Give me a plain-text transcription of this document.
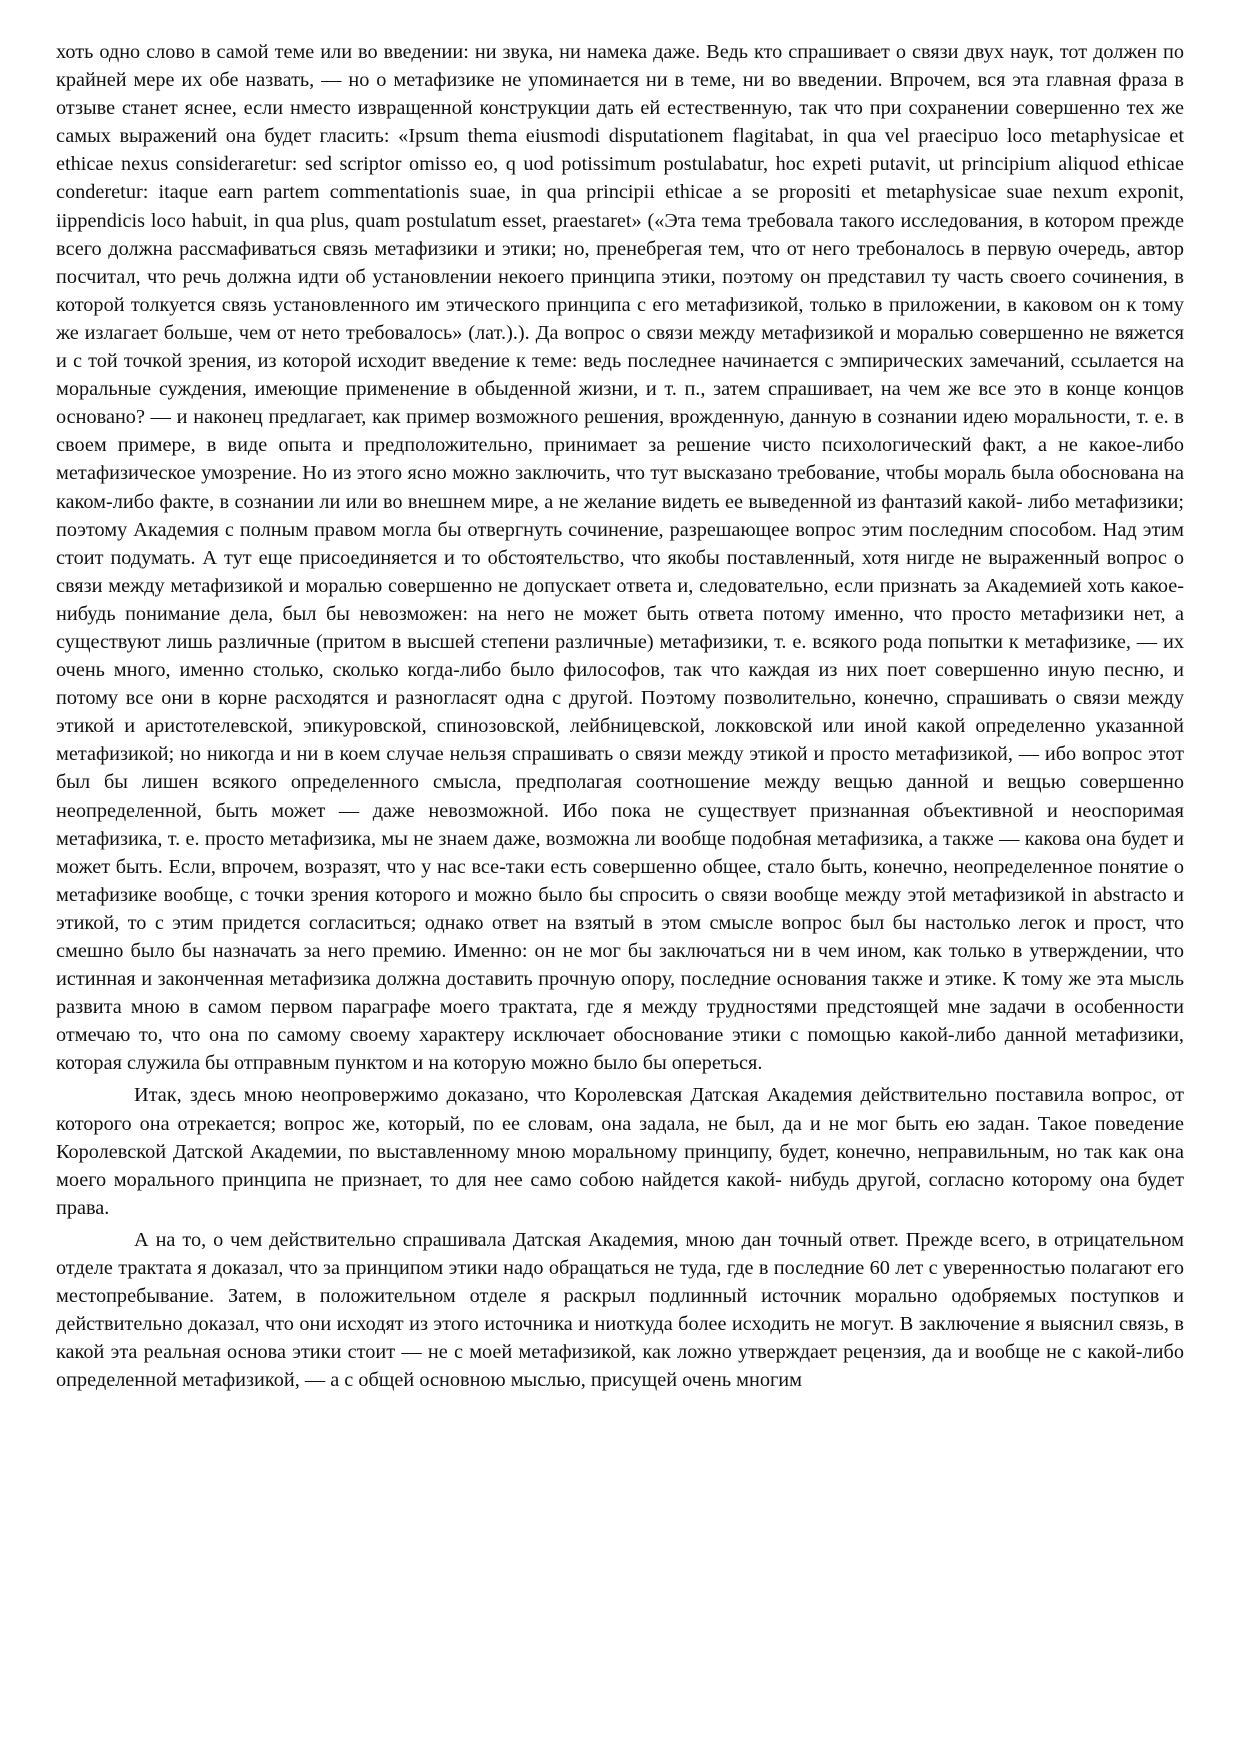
хоть одно слово в самой теме или во введении: ни звука, ни намека даже. Ведь кто спрашивает о связи двух наук, тот должен по крайней мере их обе назвать, — но о метафизике не упоминается ни в теме, ни во введении. Впрочем, вся эта главная фраза в отзыве станет яснее, если нместо извращенной конструкции дать ей естественную, так что при сохранении совершенно тех же самых выражений она будет гласить: «Ipsum thema eiusmodi disputationem flagitabat, in qua vel praecipuo loco metaphysicae et ethicae nexus consideraretur: sed scriptor omisso eo, q uod potissimum postulabatur, hoc expeti putavit, ut principium aliquod ethicae conderetur: itaque earn partem commentationis suae, in qua principii ethicae a se propositi et metaphysicae suae nexum exponit, iippendicis loco habuit, in qua plus, quam postulatum esset, praestaret» («Эта тема требовала такого исследования, в котором прежде всего должна рассмафиваться связь метафизики и этики; но, пренебрегая тем, что от него требоналось в первую очередь, автор посчитал, что речь должна идти об установлении некоего принципа этики, поэтому он представил ту часть своего сочинения, в которой толкуется связь установленного им этического принципа с его метафизикой, только в приложении, в каковом он к тому же излагает больше, чем от нето требовалось» (лат.).). Да вопрос о связи между метафизикой и моралью совершенно не вяжется и с той точкой зрения, из которой исходит введение к теме: ведь последнее начинается с эмпирических замечаний, ссылается на моральные суждения, имеющие применение в обыденной жизни, и т. п., затем спрашивает, на чем же все это в конце концов основано? — и наконец предлагает, как пример возможного решения, врожденную, данную в сознании идею моральности, т. е. в своем примере, в виде опыта и предположительно, принимает за решение чисто психологический факт, а не какое-либо метафизическое умозрение. Но из этого ясно можно заключить, что тут высказано требование, чтобы мораль была обоснована на каком-либо факте, в сознании ли или во внешнем мире, а не желание видеть ее выведенной из фантазий какой- либо метафизики; поэтому Академия с полным правом могла бы отвергнуть сочинение, разрешающее вопрос этим последним способом. Над этим стоит подумать. А тут еще присоединяется и то обстоятельство, что якобы поставленный, хотя нигде не выраженный вопрос о связи между метафизикой и моралью совершенно не допускает ответа и, следовательно, если признать за Академией хоть какое-нибудь понимание дела, был бы невозможен: на него не может быть ответа потому именно, что просто метафизики нет, а существуют лишь различные (притом в высшей степени различные) метафизики, т. е. всякого рода попытки к метафизике, — их очень много, именно столько, сколько когда-либо было философов, так что каждая из них поет совершенно иную песню, и потому все они в корне расходятся и разногласят одна с другой. Поэтому позволительно, конечно, спрашивать о связи между этикой и аристотелевской, эпикуровской, спинозовской, лейбницевской, локковской или иной какой определенно указанной метафизикой; но никогда и ни в коем случае нельзя спрашивать о связи между этикой и просто метафизикой, — ибо вопрос этот был бы лишен всякого определенного смысла, предполагая соотношение между вещью данной и вещью совершенно неопределенной, быть может — даже невозможной. Ибо пока не существует признанная объективной и неоспоримая метафизика, т. е. просто метафизика, мы не знаем даже, возможна ли вообще подобная метафизика, а также — какова она будет и может быть. Если, впрочем, возразят, что у нас все-таки есть совершенно общее, стало быть, конечно, неопределенное понятие о метафизике вообще, с точки зрения которого и можно было бы спросить о связи вообще между этой метафизикой in abstracto и этикой, то с этим придется согласиться; однако ответ на взятый в этом смысле вопрос был бы настолько легок и прост, что смешно было бы назначать за него премию. Именно: он не мог бы заключаться ни в чем ином, как только в утверждении, что истинная и законченная метафизика должна доставить прочную опору, последние основания также и этике. К тому же эта мысль развита мною в самом первом параграфе моего трактата, где я между трудностями предстоящей мне задачи в особенности отмечаю то, что она по самому своему характеру исключает обоснование этики с помощью какой-либо данной метафизики, которая служила бы отправным пунктом и на которую можно было бы опереться.

Итак, здесь мною неопровержимо доказано, что Королевская Датская Академия действительно поставила вопрос, от которого она отрекается; вопрос же, который, по ее словам, она задала, не был, да и не мог быть ею задан. Такое поведение Королевской Датской Академии, по выставленному мною моральному принципу, будет, конечно, неправильным, но так как она моего морального принципа не признает, то для нее само собою найдется какой- нибудь другой, согласно которому она будет права.

А на то, о чем действительно спрашивала Датская Академия, мною дан точный ответ. Прежде всего, в отрицательном отделе трактата я доказал, что за принципом этики надо обращаться не туда, где в последние 60 лет с уверенностью полагают его местопребывание. Затем, в положительном отделе я раскрыл подлинный источник морально одобряемых поступков и действительно доказал, что они исходят из этого источника и ниоткуда более исходить не могут. В заключение я выяснил связь, в какой эта реальная основа этики стоит — не с моей метафизикой, как ложно утверждает рецензия, да и вообще не с какой-либо определенной метафизикой, — а с общей основною мыслью, присущей очень многим
